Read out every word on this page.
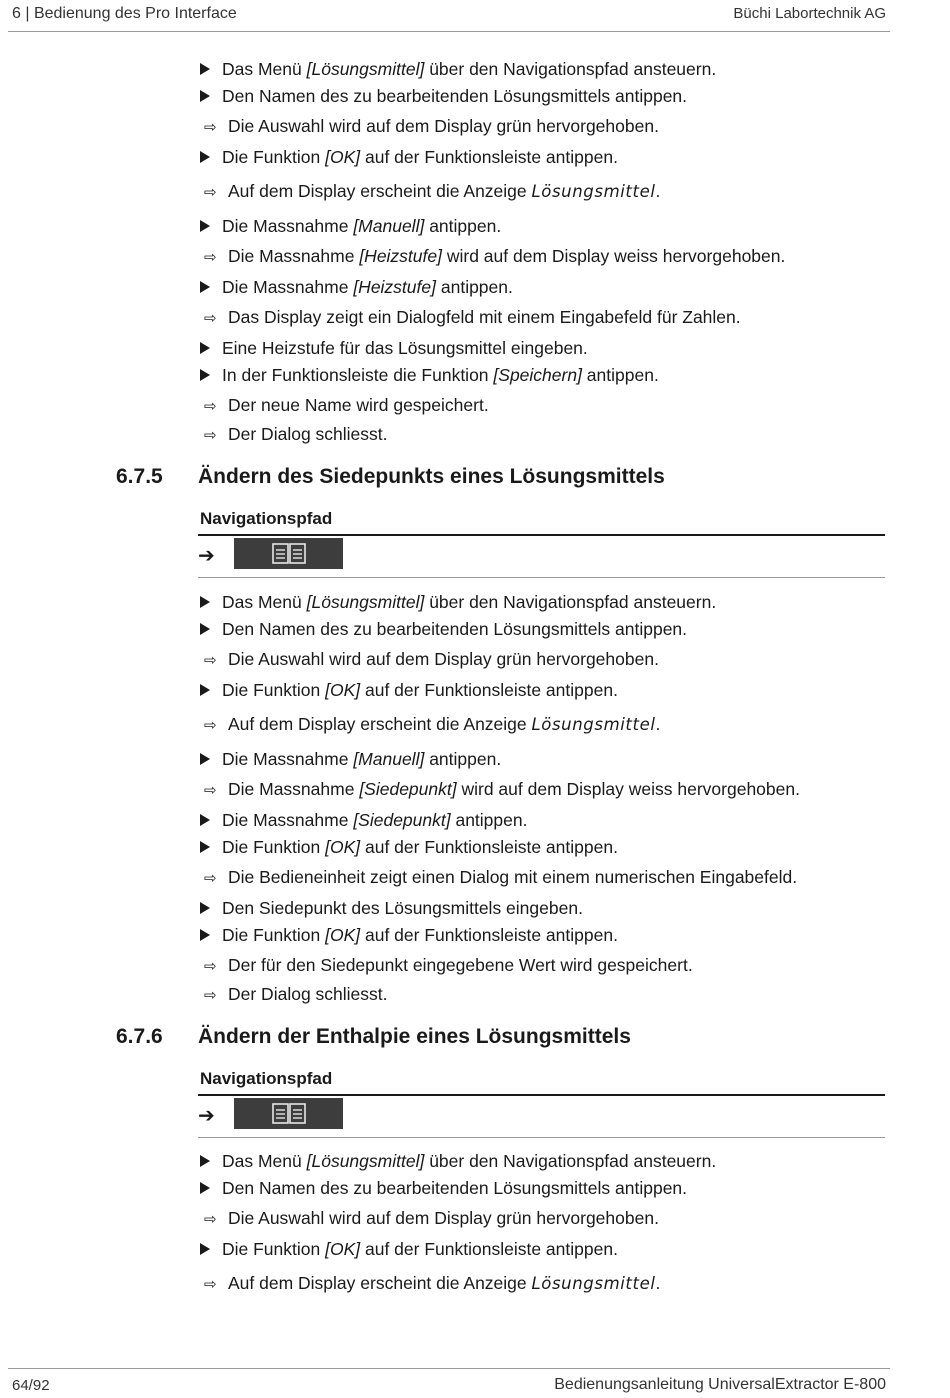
6 | Bedienung des Pro Interface	Büchi Labortechnik AG
Das Menü [Lösungsmittel] über den Navigationspfad ansteuern.
Den Namen des zu bearbeitenden Lösungsmittels antippen.
⇨ Die Auswahl wird auf dem Display grün hervorgehoben.
Die Funktion [OK] auf der Funktionsleiste antippen.
⇨ Auf dem Display erscheint die Anzeige Lösungsmittel.
Die Massnahme [Manuell] antippen.
⇨ Die Massnahme [Heizstufe] wird auf dem Display weiss hervorgehoben.
Die Massnahme [Heizstufe] antippen.
⇨ Das Display zeigt ein Dialogfeld mit einem Eingabefeld für Zahlen.
Eine Heizstufe für das Lösungsmittel eingeben.
In der Funktionsleiste die Funktion [Speichern] antippen.
⇨ Der neue Name wird gespeichert.
⇨ Der Dialog schliesst.
6.7.5 Ändern des Siedepunkts eines Lösungsmittels
Navigationspfad
➔
Das Menü [Lösungsmittel] über den Navigationspfad ansteuern.
Den Namen des zu bearbeitenden Lösungsmittels antippen.
⇨ Die Auswahl wird auf dem Display grün hervorgehoben.
Die Funktion [OK] auf der Funktionsleiste antippen.
⇨ Auf dem Display erscheint die Anzeige Lösungsmittel.
Die Massnahme [Manuell] antippen.
⇨ Die Massnahme [Siedepunkt] wird auf dem Display weiss hervorgehoben.
Die Massnahme [Siedepunkt] antippen.
Die Funktion [OK] auf der Funktionsleiste antippen.
⇨ Die Bedieneinheit zeigt einen Dialog mit einem numerischen Eingabefeld.
Den Siedepunkt des Lösungsmittels eingeben.
Die Funktion [OK] auf der Funktionsleiste antippen.
⇨ Der für den Siedepunkt eingegebene Wert wird gespeichert.
⇨ Der Dialog schliesst.
6.7.6 Ändern der Enthalpie eines Lösungsmittels
Navigationspfad
➔
Das Menü [Lösungsmittel] über den Navigationspfad ansteuern.
Den Namen des zu bearbeitenden Lösungsmittels antippen.
⇨ Die Auswahl wird auf dem Display grün hervorgehoben.
Die Funktion [OK] auf der Funktionsleiste antippen.
⇨ Auf dem Display erscheint die Anzeige Lösungsmittel.
64/92	Bedienungsanleitung UniversalExtractor E-800
